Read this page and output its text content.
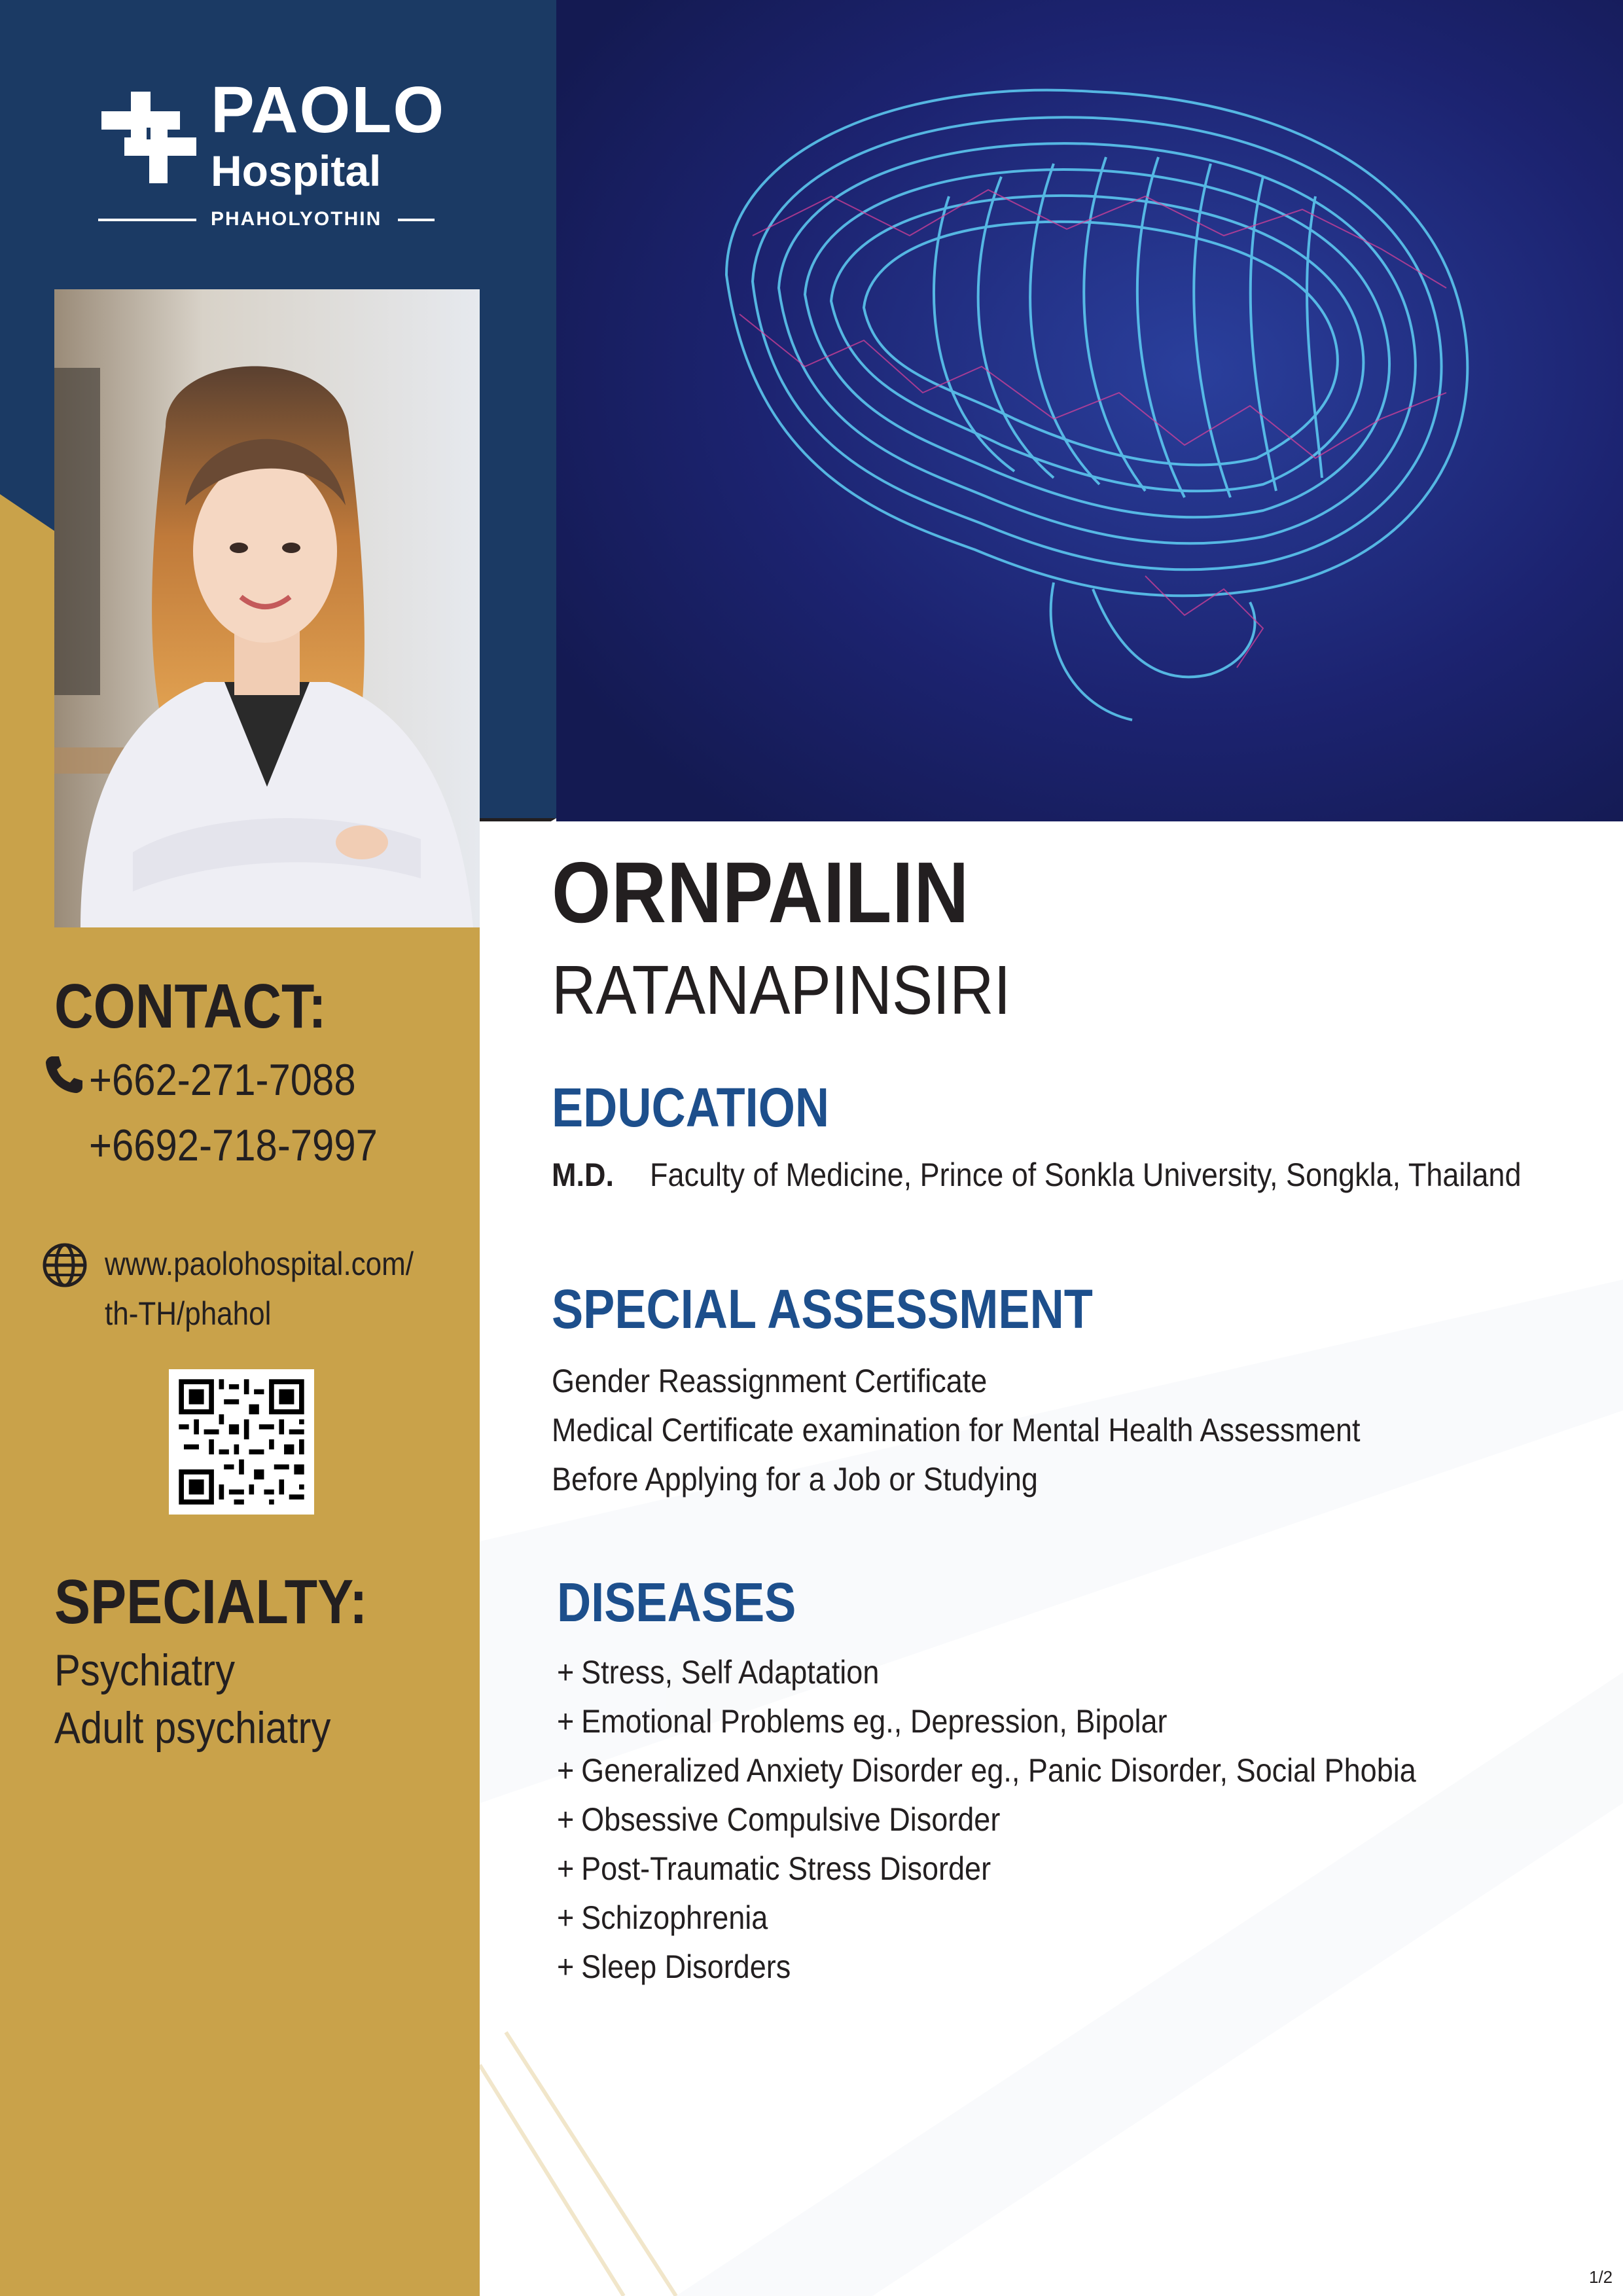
PAOLO
Hospital
PHAHOLYOTHIN
CONTACT:
+662-271-7088
+6692-718-7997
www.paolohospital.com/
th-TH/phahol
SPECIALTY:
Psychiatry
Adult psychiatry
ORNPAILIN
RATANAPINSIRI
EDUCATION
M.D. Faculty of Medicine, Prince of Sonkla University, Songkla, Thailand
SPECIAL ASSESSMENT
Gender Reassignment Certificate
Medical Certificate examination for Mental Health Assessment
Before Applying for a Job or Studying
DISEASES
+ Stress, Self Adaptation
+ Emotional Problems eg., Depression, Bipolar
+ Generalized Anxiety Disorder eg., Panic Disorder, Social Phobia
+ Obsessive Compulsive Disorder
+ Post-Traumatic Stress Disorder
+ Schizophrenia
+ Sleep Disorders
1/2
